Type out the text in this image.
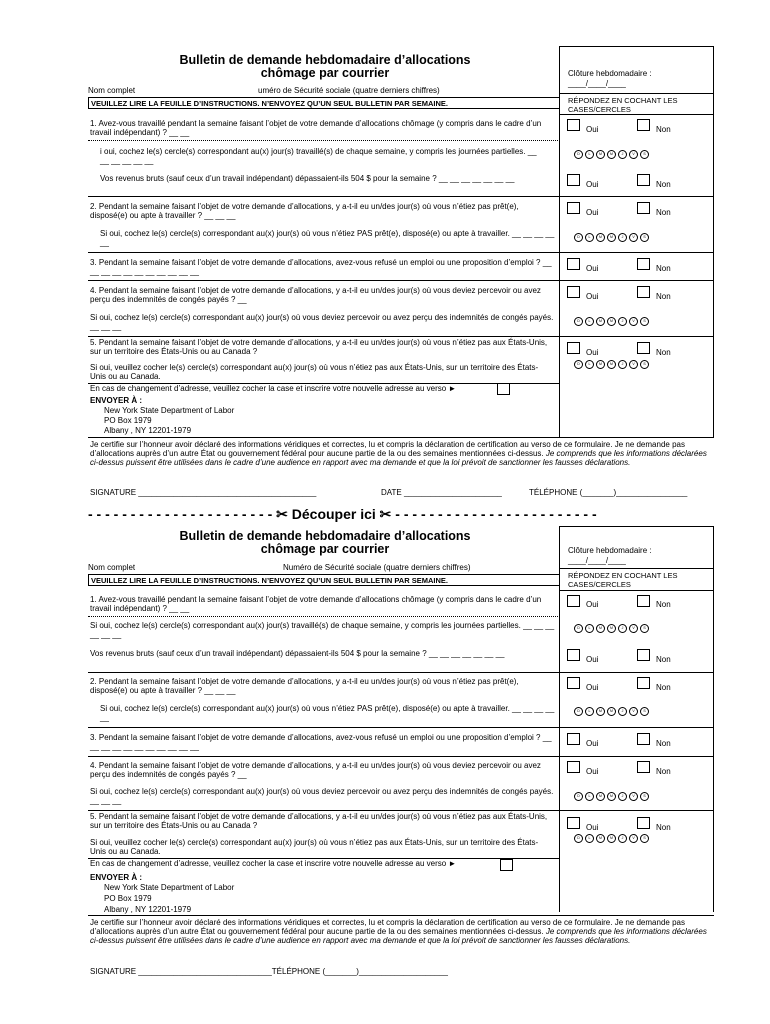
Bulletin de demande hebdomadaire d’allocations
chômage par courrier	Clôture hebdomadaire :
____/____/____
RÉPONDEZ EN COCHANT LES
CASES/CERCLES
Nom complet	uméro de Sécurité sociale (quatre derniers chiffres)
VEUILLEZ LIRE LA FEUILLE D’INSTRUCTIONS. N’ENVOYEZ QU’UN SEUL BULLETIN PAR SEMAINE.
1. Avez-vous travaillé pendant la semaine faisant l’objet de votre demande d’allocations chômage (y compris dans le cadre d’un travail indépendant) ? __ __	Oui	Non
i oui, cochez le(s) cercle(s) correspondant au(x) jour(s) travaillé(s) de chaque semaine, y compris les journées partielles. __ __ __ __ __ __
D	L	M	M	J	V	S
Vos revenus bruts (sauf ceux d’un travail indépendant) dépassaient-ils 504 $ pour la semaine ? __ __ __ __ __ __ __
Oui	Non
2. Pendant la semaine faisant l’objet de votre demande d’allocations, y a-t-il eu un/des jour(s) où vous n’étiez pas prêt(e), disposé(e) ou apte à travailler ? __ __ __	Oui	Non
Si oui, cochez le(s) cercle(s) correspondant au(x) jour(s) où vous n’étiez PAS prêt(e), disposé(e) ou apte à travailler. __ __ __ __ __
D	L	M	M	J	V	S
3. Pendant la semaine faisant l’objet de votre demande d’allocations, avez-vous refusé un emploi ou une proposition d’emploi ? __ __ __ __ __ __ __ __ __ __ __	Oui	Non
4. Pendant la semaine faisant l’objet de votre demande d’allocations, y a-t-il eu un/des jour(s) où vous deviez percevoir ou avez perçu des indemnités de congés payés ? __	Oui	Non
Si oui, cochez le(s) cercle(s) correspondant au(x) jour(s) où vous deviez percevoir ou avez perçu des indemnités de congés payés. __ __ __
D	L	M	M	J	V	S
5. Pendant la semaine faisant l’objet de votre demande d’allocations, y a-t-il eu un/des jour(s) où vous n’étiez pas aux États-Unis, sur un territoire des États-Unis ou au Canada ?	Oui	Non
Si oui, veuillez cocher le(s) cercle(s) correspondant au(x) jour(s) où vous n’étiez pas aux États-Unis, sur un territoire des États-Unis ou au Canada.
D	L	M	M	J	V	S
En cas de changement d’adresse, veuillez cocher la case et inscrire votre nouvelle adresse au verso ►
ENVOYER À :
New York State Department of Labor
PO Box 1979
Albany , NY 12201-1979
Je certifie sur l’honneur avoir déclaré des informations véridiques et correctes, lu et compris la déclaration de certification au verso de ce formulaire. Je ne demande pas d’allocations auprès d’un autre État ou gouvernement fédéral pour aucune partie de la ou des semaines mentionnées ci-dessus. Je comprends que les informations déclarées ci-dessus puissent être utilisées dans le cadre d’une audience en rapport avec ma demande et que la loi prévoit de sanctionner les fausses déclarations.
SIGNATURE ________________________________________	DATE ______________________	TÉLÉPHONE (_______)________________
- - - - - - - - - - - - - - - - - - - - - - ✂ Découper ici ✂ - - - - - - - - - - - - - - - - - - - - - - - -
Bulletin de demande hebdomadaire d’allocations
chômage par courrier	Clôture hebdomadaire :
____/____/____
RÉPONDEZ EN COCHANT LES
CASES/CERCLES
Nom complet	Numéro de Sécurité sociale (quatre derniers chiffres)
VEUILLEZ LIRE LA FEUILLE D’INSTRUCTIONS. N’ENVOYEZ QU’UN SEUL BULLETIN PAR SEMAINE.
1. Avez-vous travaillé pendant la semaine faisant l’objet de votre demande d’allocations chômage (y compris dans le cadre d’un travail indépendant) ? __ __	Oui	Non
Si oui, cochez le(s) cercle(s) correspondant au(x) jour(s) travaillé(s) de chaque semaine, y compris les journées partielles. __ __ __ __ __ __
D	L	M	M	J	V	S
Vos revenus bruts (sauf ceux d’un travail indépendant) dépassaient-ils 504 $ pour la semaine ? __ __ __ __ __ __ __
Oui	Non
2. Pendant la semaine faisant l’objet de votre demande d’allocations, y a-t-il eu un/des jour(s) où vous n’étiez pas prêt(e), disposé(e) ou apte à travailler ? __ __ __	Oui	Non
Si oui, cochez le(s) cercle(s) correspondant au(x) jour(s) où vous n’étiez PAS prêt(e), disposé(e) ou apte à travailler. __ __ __ __ __
D	L	M	M	J	V	S
3. Pendant la semaine faisant l’objet de votre demande d’allocations, avez-vous refusé un emploi ou une proposition d’emploi ? __ __ __ __ __ __ __ __ __ __ __	Oui	Non
4. Pendant la semaine faisant l’objet de votre demande d’allocations, y a-t-il eu un/des jour(s) où vous deviez percevoir ou avez perçu des indemnités de congés payés ? __	Oui	Non
Si oui, cochez le(s) cercle(s) correspondant au(x) jour(s) où vous deviez percevoir ou avez perçu des indemnités de congés payés. __ __ __	D	L	M	M	J	V	S
5. Pendant la semaine faisant l’objet de votre demande d’allocations, y a-t-il eu un/des jour(s) où vous n’étiez pas aux États-Unis, sur un territoire des États-Unis ou au Canada ?	Oui	Non
Si oui, veuillez cocher le(s) cercle(s) correspondant au(x) jour(s) où vous n’étiez pas aux États-Unis, sur un territoire des États-Unis ou au Canada.
D	L	M	M	J	V	S
En cas de changement d’adresse, veuillez cocher la case et inscrire votre nouvelle adresse au verso ►
ENVOYER À :
New York State Department of Labor
PO Box 1979
Albany , NY 12201-1979
Je certifie sur l’honneur avoir déclaré des informations véridiques et correctes, lu et compris la déclaration de certification au verso de ce formulaire. Je ne demande pas d’allocations auprès d’un autre État ou gouvernement fédéral pour aucune partie de la ou des semaines mentionnées ci-dessus. Je comprends que les informations déclarées ci-dessus puissent être utilisées dans le cadre d’une audience en rapport avec ma demande et que la loi prévoit de sanctionner les fausses déclarations.
SIGNATURE ______________________________TÉLÉPHONE (_______)____________________
